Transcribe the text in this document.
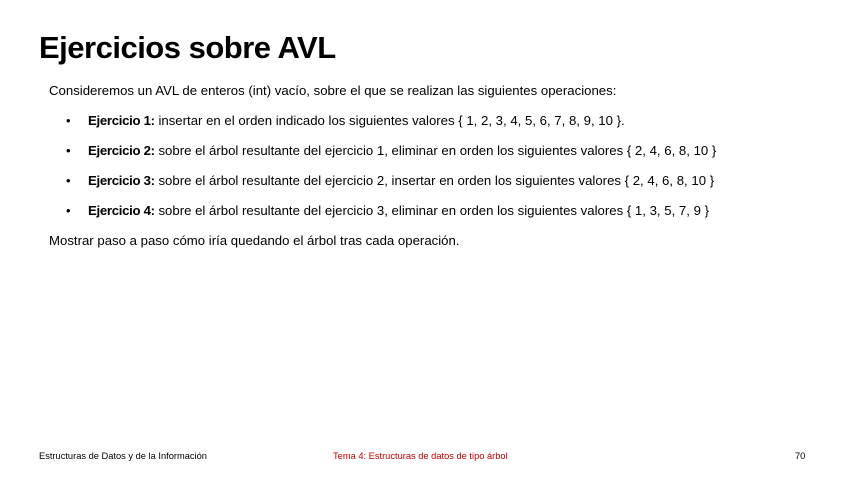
Ejercicios sobre AVL

Consideremos un AVL de enteros (int) vacío, sobre el que se realizan las siguientes operaciones:

• Ejercicio 1: insertar en el orden indicado los siguientes valores { 1, 2, 3, 4, 5, 6, 7, 8, 9, 10 }.
• Ejercicio 2: sobre el árbol resultante del ejercicio 1, eliminar en orden los siguientes valores { 2, 4, 6, 8, 10 }
• Ejercicio 3: sobre el árbol resultante del ejercicio 2, insertar en orden los siguientes valores { 2, 4, 6, 8, 10 }
• Ejercicio 4: sobre el árbol resultante del ejercicio 3, eliminar en orden los siguientes valores { 1, 3, 5, 7, 9 }

Mostrar paso a paso cómo iría quedando el árbol tras cada operación.

Estructuras de Datos y de la Información	Tema 4: Estructuras de datos de tipo árbol	70
